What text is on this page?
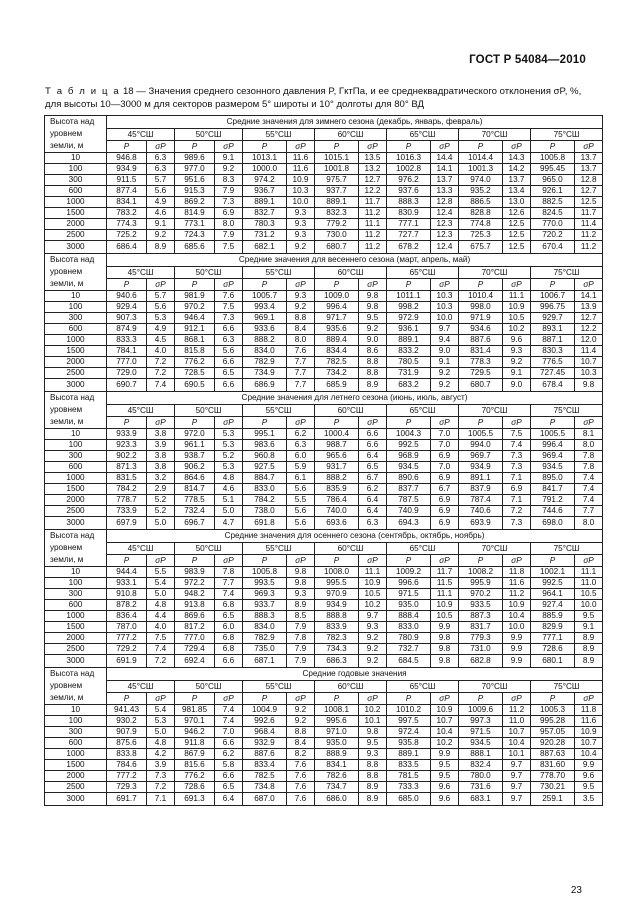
ГОСТ Р 54084—2010
Т а б л и ц а 18 — Значения среднего сезонного давления P, ГктПа, и ее среднеквадратического отклонения σP, %,
для высоты 10—3000 м для секторов размером 5° широты и 10° долготы для 80° ВД
Высота над уровнем земли, м	Средние значения для зимнего сезона (декабрь, январь, февраль)													
	45°СШ		50°СШ		55°СШ		60°СШ		65°СШ		70°СШ		75°СШ	
	P	σP	P	σP	P	σP	P	σP	P	σP	P	σP	P	σP
10	946.8	6.3	989.6	9.1	1013.1	11.6	1015.1	13.5	1016.3	14.4	1014.4	14.3	1005.8	13.7
100	934.9	6.3	977.0	9.2	1000.0	11.6	1001.8	13.2	1002.8	14.1	1001.3	14.2	995.45	13.7
300	911.5	5.7	951.6	8.3	974.2	10.9	975.7	12.7	976.2	13.7	974.0	13.7	965.0	12.8
600	877.4	5.6	915.3	7.9	936.7	10.3	937.7	12.2	937.6	13.3	935.2	13.4	926.1	12.7
1000	834.1	4.9	869.2	7.3	889.1	10.0	889.1	11.7	888.3	12.8	886.5	13.0	882.5	12.5
1500	783.2	4.6	814.9	6.9	832.7	9.3	832.3	11.2	830.9	12.4	828.8	12.6	824.5	11.7
2000	774.3	9.1	773.1	8.0	780.3	9.3	779.2	11.1	777.1	12.3	774.8	12.5	770.0	11.4
2500	725.2	9.2	724.3	7.9	731.2	9.3	730.0	11.2	727.7	12.3	725.3	12.5	720.2	11.2
3000	686.4	8.9	685.6	7.5	682.1	9.2	680.7	11.2	678.2	12.4	675.7	12.5	670.4	11.2
Высота над уровнем земли, м	Средние значения для весеннего сезона (март, апрель, май)													
	45°СШ		50°СШ		55°СШ		60°СШ		65°СШ		70°СШ		75°СШ	
	P	σP	P	σP	P	σP	P	σP	P	σP	P	σP	P	σP
10	940.6	5.7	981.9	7.6	1005.7	9.3	1009.0	9.8	1011.1	10.3	1010.4	11.1	1006.7	14.1
100	929.4	5.6	970.2	7.5	993.4	9.2	996.4	9.8	998.2	10.3	998.0	10.9	996.75	13.9
300	907.3	5.3	946.4	7.3	969.1	8.8	971.7	9.5	972.9	10.0	971.9	10.5	929.7	12.7
600	874.9	4.9	912.1	6.6	933.6	8.4	935.6	9.2	936.1	9.7	934.6	10.2	893.1	12.2
1000	833.3	4.5	868.1	6.3	888.2	8.0	889.4	9.0	889.1	9.4	887.6	9.6	887.1	12.0
1500	784.1	4.0	815.8	5.6	834.0	7.6	834.4	8.6	833.2	9.0	831.4	9.3	830.3	11.4
2000	777.0	7.2	776.2	6.6	782.9	7.7	782.5	8.8	780.5	9.1	778.3	9.2	776.5	10.7
2500	729.0	7.2	728.5	6.5	734.9	7.7	734.2	8.8	731.9	9.2	729.5	9.1	727.45	10.3
3000	690.7	7.4	690.5	6.6	686.9	7.7	685.9	8.9	683.2	9.2	680.7	9.0	678.4	9.8
Высота над уровнем земли, м	Средние значения для летнего сезона (июнь, июль, август)													
	45°СШ		50°СШ		55°СШ		60°СШ		65°СШ		70°СШ		75°СШ	
	P	σP	P	σP	P	σP	P	σP	P	σP	P	σP	P	σP
10	933.9	3.8	972.0	5.3	995.1	6.2	1000.4	6.6	1004.3	7.0	1005.5	7.5	1005.5	8.1
100	923.3	3.9	961.1	5.3	983.6	6.3	988.7	6.6	992.5	7.0	994.0	7.4	996.4	8.0
300	902.2	3.8	938.7	5.2	960.8	6.0	965.6	6.4	968.9	6.9	969.7	7.3	969.4	7.8
600	871.3	3.8	906.2	5.3	927.5	5.9	931.7	6.5	934.5	7.0	934.9	7.3	934.5	7.8
1000	831.5	3.2	864.6	4.8	884.7	6.1	888.2	6.7	890.6	6.9	891.1	7.1	895.0	7.4
1500	784.2	2.9	814.7	4.6	833.0	5.6	835.9	6.2	837.7	6.7	837.9	6.9	841.7	7.4
2000	778.7	5.2	778.5	5.1	784.2	5.5	786.4	6.4	787.5	6.9	787.4	7.1	791.2	7.4
2500	733.9	5.2	732.4	5.0	738.0	5.6	740.0	6.4	740.9	6.9	740.6	7.2	744.6	7.7
3000	697.9	5.0	696.7	4.7	691.8	5.6	693.6	6.3	694.3	6.9	693.9	7.3	698.0	8.0
Высота над уровнем земли, м	Средние значения для осеннего сезона (сентябрь, октябрь, ноябрь)													
	45°СШ		50°СШ		55°СШ		60°СШ		65°СШ		70°СШ		75°СШ	
	P	σP	P	σP	P	σP	P	σP	P	σP	P	σP	P	σP
10	944.4	5.5	983.9	7.8	1005.8	9.8	1008.0	11.1	1009.2	11.7	1008.2	11.8	1002.1	11.1
100	933.1	5.4	972.2	7.7	993.5	9.8	995.5	10.9	996.6	11.5	995.9	11.6	992.5	11.0
300	910.8	5.0	948.2	7.4	969.3	9.3	970.9	10.5	971.5	11.1	970.2	11.2	964.1	10.5
600	878.2	4.8	913.8	6.8	933.7	8.9	934.9	10.2	935.0	10.9	933.5	10.9	927.4	10.0
1000	836.4	4.4	869.6	6.5	888.3	8.5	888.8	9.7	888.4	10.5	887.3	10.4	885.9	9.5
1500	787.0	4.0	817.2	6.0	834.0	7.9	833.9	9.3	833.0	9.9	831.7	10.0	829.9	9.1
2000	777.2	7.5	777.0	6.8	782.9	7.8	782.3	9.2	780.9	9.8	779.3	9.9	777.1	8.9
2500	729.2	7.4	729.4	6.8	735.0	7.9	734.3	9.2	732.7	9.8	731.0	9.9	728.6	8.9
3000	691.9	7.2	692.4	6.6	687.1	7.9	686.3	9.2	684.5	9.8	682.8	9.9	680.1	8.9
Высота над уровнем земли, м	Средние годовые значения													
	45°СШ		50°СШ		55°СШ		60°СШ		65°СШ		70°СШ		75°СШ	
	P	σP	P	σP	P	σP	P	σP	P	σP	P	σP	P	σP
10	941.43	5.4	981.85	7.4	1004.9	9.2	1008.1	10.2	1010.2	10.9	1009.6	11.2	1005.3	11.8
100	930.2	5.3	970.1	7.4	992.6	9.2	995.6	10.1	997.5	10.7	997.3	11.0	995.28	11.6
300	907.9	5.0	946.2	7.0	968.4	8.8	971.0	9.8	972.4	10.4	971.5	10.7	957.05	10.9
600	875.6	4.8	911.8	6.6	932.9	8.4	935.0	9.5	935.8	10.2	934.5	10.4	920.28	10.7
1000	833.8	4.2	867.9	6.2	887.6	8.2	888.9	9.3	889.1	9.9	888.1	10.1	887.63	10.4
1500	784.6	3.9	815.6	5.8	833.4	7.6	834.1	8.8	833.5	9.5	832.4	9.7	831.60	9.9
2000	777.2	7.3	776.2	6.6	782.5	7.6	782.6	8.8	781.5	9.5	780.0	9.7	778.70	9.6
2500	729.3	7.2	728.6	6.5	734.8	7.6	734.7	8.9	733.3	9.6	731.6	9.7	730.21	9.5
3000	691.7	7.1	691.3	6.4	687.0	7.6	686.0	8.9	685.0	9.6	683.1	9.7	259.1	3.5
23
